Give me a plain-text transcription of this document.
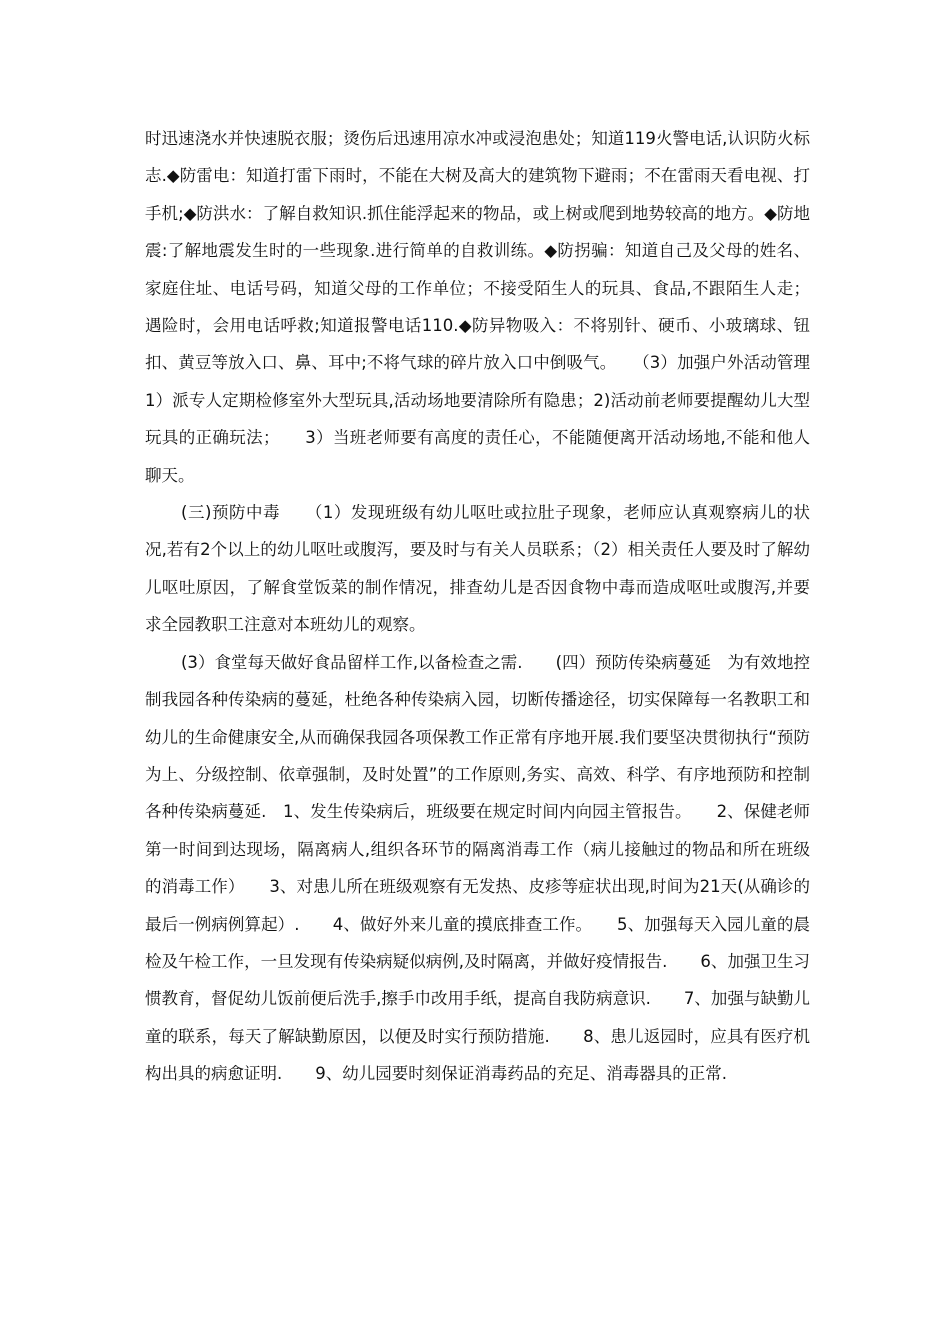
时迅速浇水并快速脱衣服；烫伤后迅速用凉水冲或浸泡患处；知道119火警电话,认识防火标志.◆防雷电：知道打雷下雨时，不能在大树及高大的建筑物下避雨；不在雷雨天看电视、打手机;◆防洪水：了解自救知识.抓住能浮起来的物品，或上树或爬到地势较高的地方。◆防地震:了解地震发生时的一些现象.进行简单的自救训练。◆防拐骗：知道自己及父母的姓名、家庭住址、电话号码，知道父母的工作单位；不接受陌生人的玩具、食品,不跟陌生人走；遇险时，会用电话呼救;知道报警电话110.◆防异物吸入：不将别针、硬币、小玻璃球、钮扣、黄豆等放入口、鼻、耳中;不将气球的碎片放入口中倒吸气。　　（3）加强户外活动管理　　1）派专人定期检修室外大型玩具,活动场地要清除所有隐患；2)活动前老师要提醒幼儿大型玩具的正确玩法；　　3）当班老师要有高度的责任心，不能随便离开活动场地,不能和他人聊天。

(三)预防中毒　　（1）发现班级有幼儿呕吐或拉肚子现象，老师应认真观察病儿的状况,若有2个以上的幼儿呕吐或腹泻，要及时与有关人员联系；（2）相关责任人要及时了解幼儿呕吐原因，了解食堂饭菜的制作情况，排查幼儿是否因食物中毒而造成呕吐或腹泻,并要求全园教职工注意对本班幼儿的观察。

(3）食堂每天做好食品留样工作,以备检查之需.　　(四）预防传染病蔓延　为有效地控制我园各种传染病的蔓延，杜绝各种传染病入园，切断传播途径，切实保障每一名教职工和幼儿的生命健康安全,从而确保我园各项保教工作正常有序地开展.我们要坚决贯彻执行“预防为上、分级控制、依章强制，及时处置”的工作原则,务实、高效、科学、有序地预防和控制各种传染病蔓延.　1、发生传染病后，班级要在规定时间内向园主管报告。　　2、保健老师第一时间到达现场，隔离病人,组织各环节的隔离消毒工作（病儿接触过的物品和所在班级的消毒工作）　　3、对患儿所在班级观察有无发热、皮疹等症状出现,时间为21天(从确诊的最后一例病例算起）.　　4、做好外来儿童的摸底排查工作。　　5、加强每天入园儿童的晨检及午检工作，一旦发现有传染病疑似病例,及时隔离，并做好疫情报告.　　6、加强卫生习惯教育，督促幼儿饭前便后洗手,擦手巾改用手纸，提高自我防病意识.　　7、加强与缺勤儿童的联系，每天了解缺勤原因，以便及时实行预防措施.　　8、患儿返园时，应具有医疗机构出具的病愈证明.　　9、幼儿园要时刻保证消毒药品的充足、消毒器具的正常.
